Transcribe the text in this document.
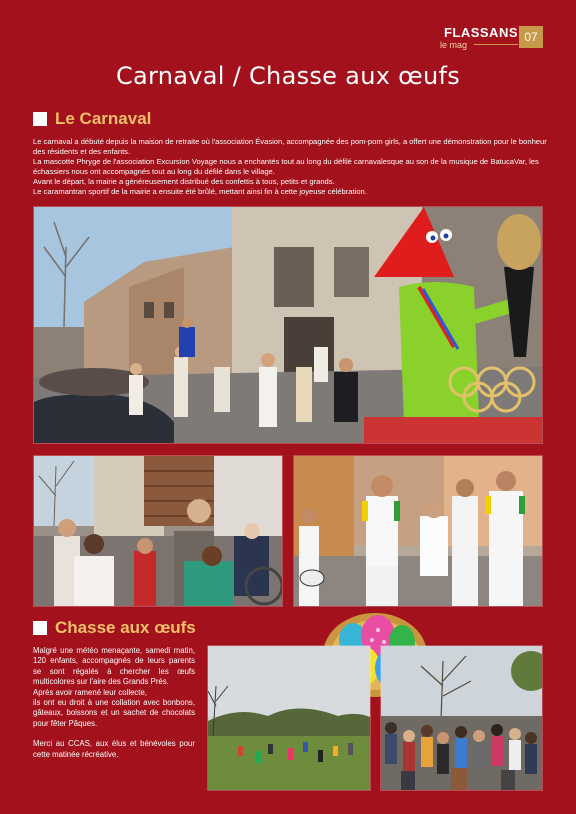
FLASSANS
le mag
07
Carnaval / Chasse aux œufs
Le Carnaval

Le carnaval a débuté depuis la maison de retraite où l'association Évasion, accompagnée des pom-pom girls, a offert une démonstration pour le bonheur des résidents et des enfants.

La mascotte Phryge de l'association Excursion Voyage nous a enchantés tout au long du défilé carnavalesque au son de la musique de BatucaVar, les échassiers nous ont accompagnés tout au long du défilé dans le village.

Avant le départ, la mairie a généreusement distribué des confettis à tous, petits et grands.

Le caramantran sportif de la mairie a ensuite été brûlé, mettant ainsi fin à cette joyeuse célébration.

Chasse aux œufs

Malgré une météo menaçante, samedi matin, 120 enfants, accompagnés de leurs parents se sont régalés à chercher les œufs multicolores sur l'aire des Grands Prés.

Après avoir ramené leur collecte,

ils ont eu droit à une collation avec bonbons, gâteaux, boissons et un sachet de chocolats pour fêter Pâques.

Merci au CCAS, aux élus et bénévoles pour cette matinée récréative.
